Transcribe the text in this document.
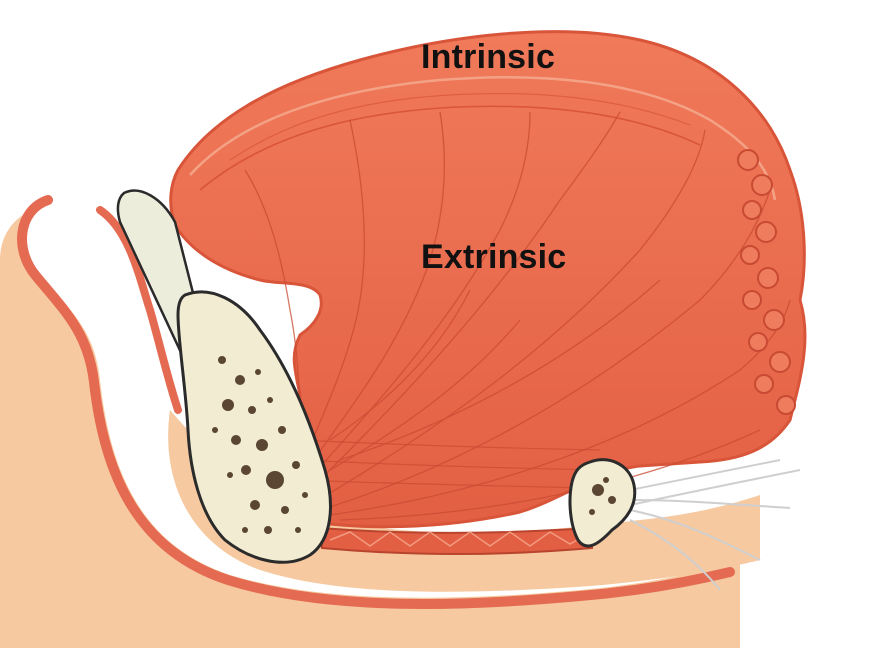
Intrinsic
Extrinsic
